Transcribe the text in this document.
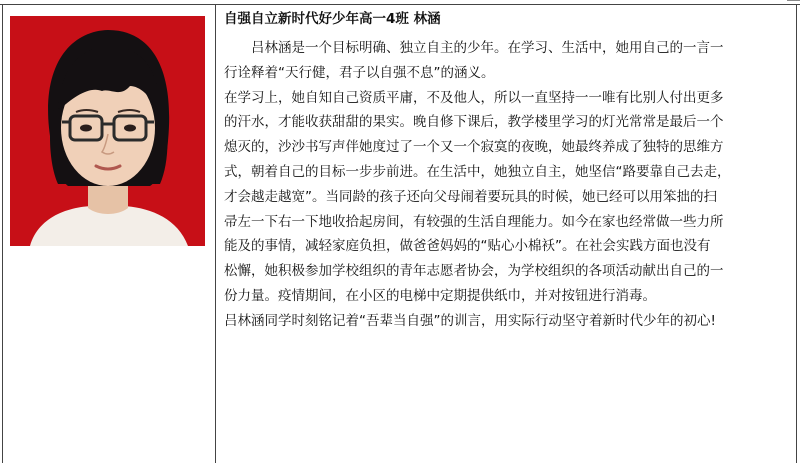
自强自立新时代好少年高一4班 林涵
吕林涵是一个目标明确、独立自主的少年。在学习、生活中，她用自己的一言一
行诠释着“天行健，君子以自强不息”的涵义。
在学习上，她自知自己资质平庸，不及他人，所以一直坚持一一唯有比别人付出更多
的汗水，才能收获甜甜的果实。晚自修下课后，教学楼里学习的灯光常常是最后一个
熄灭的，沙沙书写声伴她度过了一个又一个寂寞的夜晚，她最终养成了独特的思维方
式，朝着自己的目标一步步前进。在生活中，她独立自主，她坚信“路要靠自己去走，
才会越走越宽”。当同龄的孩子还向父母闹着要玩具的时候，她已经可以用笨拙的扫
帚左一下右一下地收拾起房间，有较强的生活自理能力。如今在家也经常做一些力所
能及的事情，减轻家庭负担，做爸爸妈妈的“贴心小棉袄”。在社会实践方面也没有
松懈，她积极参加学校组织的青年志愿者协会，为学校组织的各项活动献出自己的一
份力量。疫情期间，在小区的电梯中定期提供纸巾，并对按钮进行消毒。
吕林涵同学时刻铭记着“吾辈当自强”的训言，用实际行动坚守着新时代少年的初心!
